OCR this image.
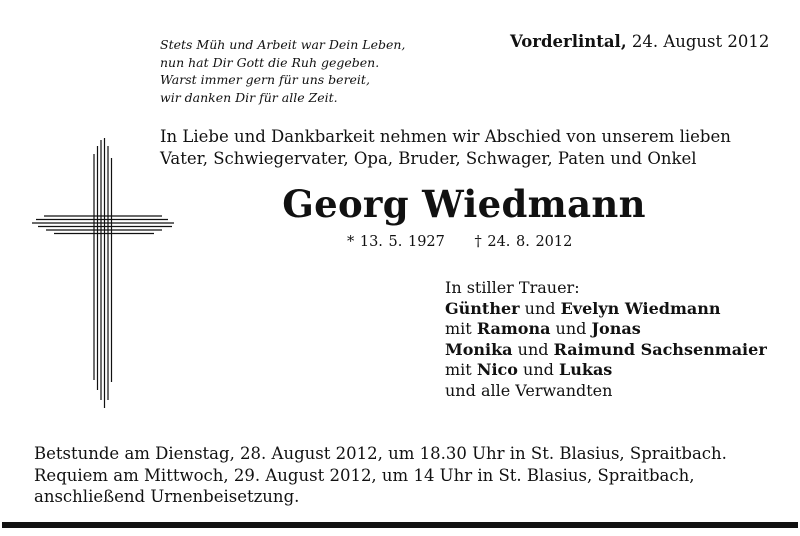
Stets Müh und Arbeit war Dein Leben,
nun hat Dir Gott die Ruh gegeben.
Warst immer gern für uns bereit,
wir danken Dir für alle Zeit.
Vorderlintal, 24. August 2012
In Liebe und Dankbarkeit nehmen wir Abschied von unserem lieben
Vater, Schwiegervater, Opa, Bruder, Schwager, Paten und Onkel
Georg Wiedmann
* 13. 5. 1927 † 24. 8. 2012
In stiller Trauer:
Günther und Evelyn Wiedmann
mit Ramona und Jonas
Monika und Raimund Sachsenmaier
mit Nico und Lukas
und alle Verwandten
Betstunde am Dienstag, 28. August 2012, um 18.30 Uhr in St. Blasius, Spraitbach.
Requiem am Mittwoch, 29. August 2012, um 14 Uhr in St. Blasius, Spraitbach,
anschließend Urnenbeisetzung.
